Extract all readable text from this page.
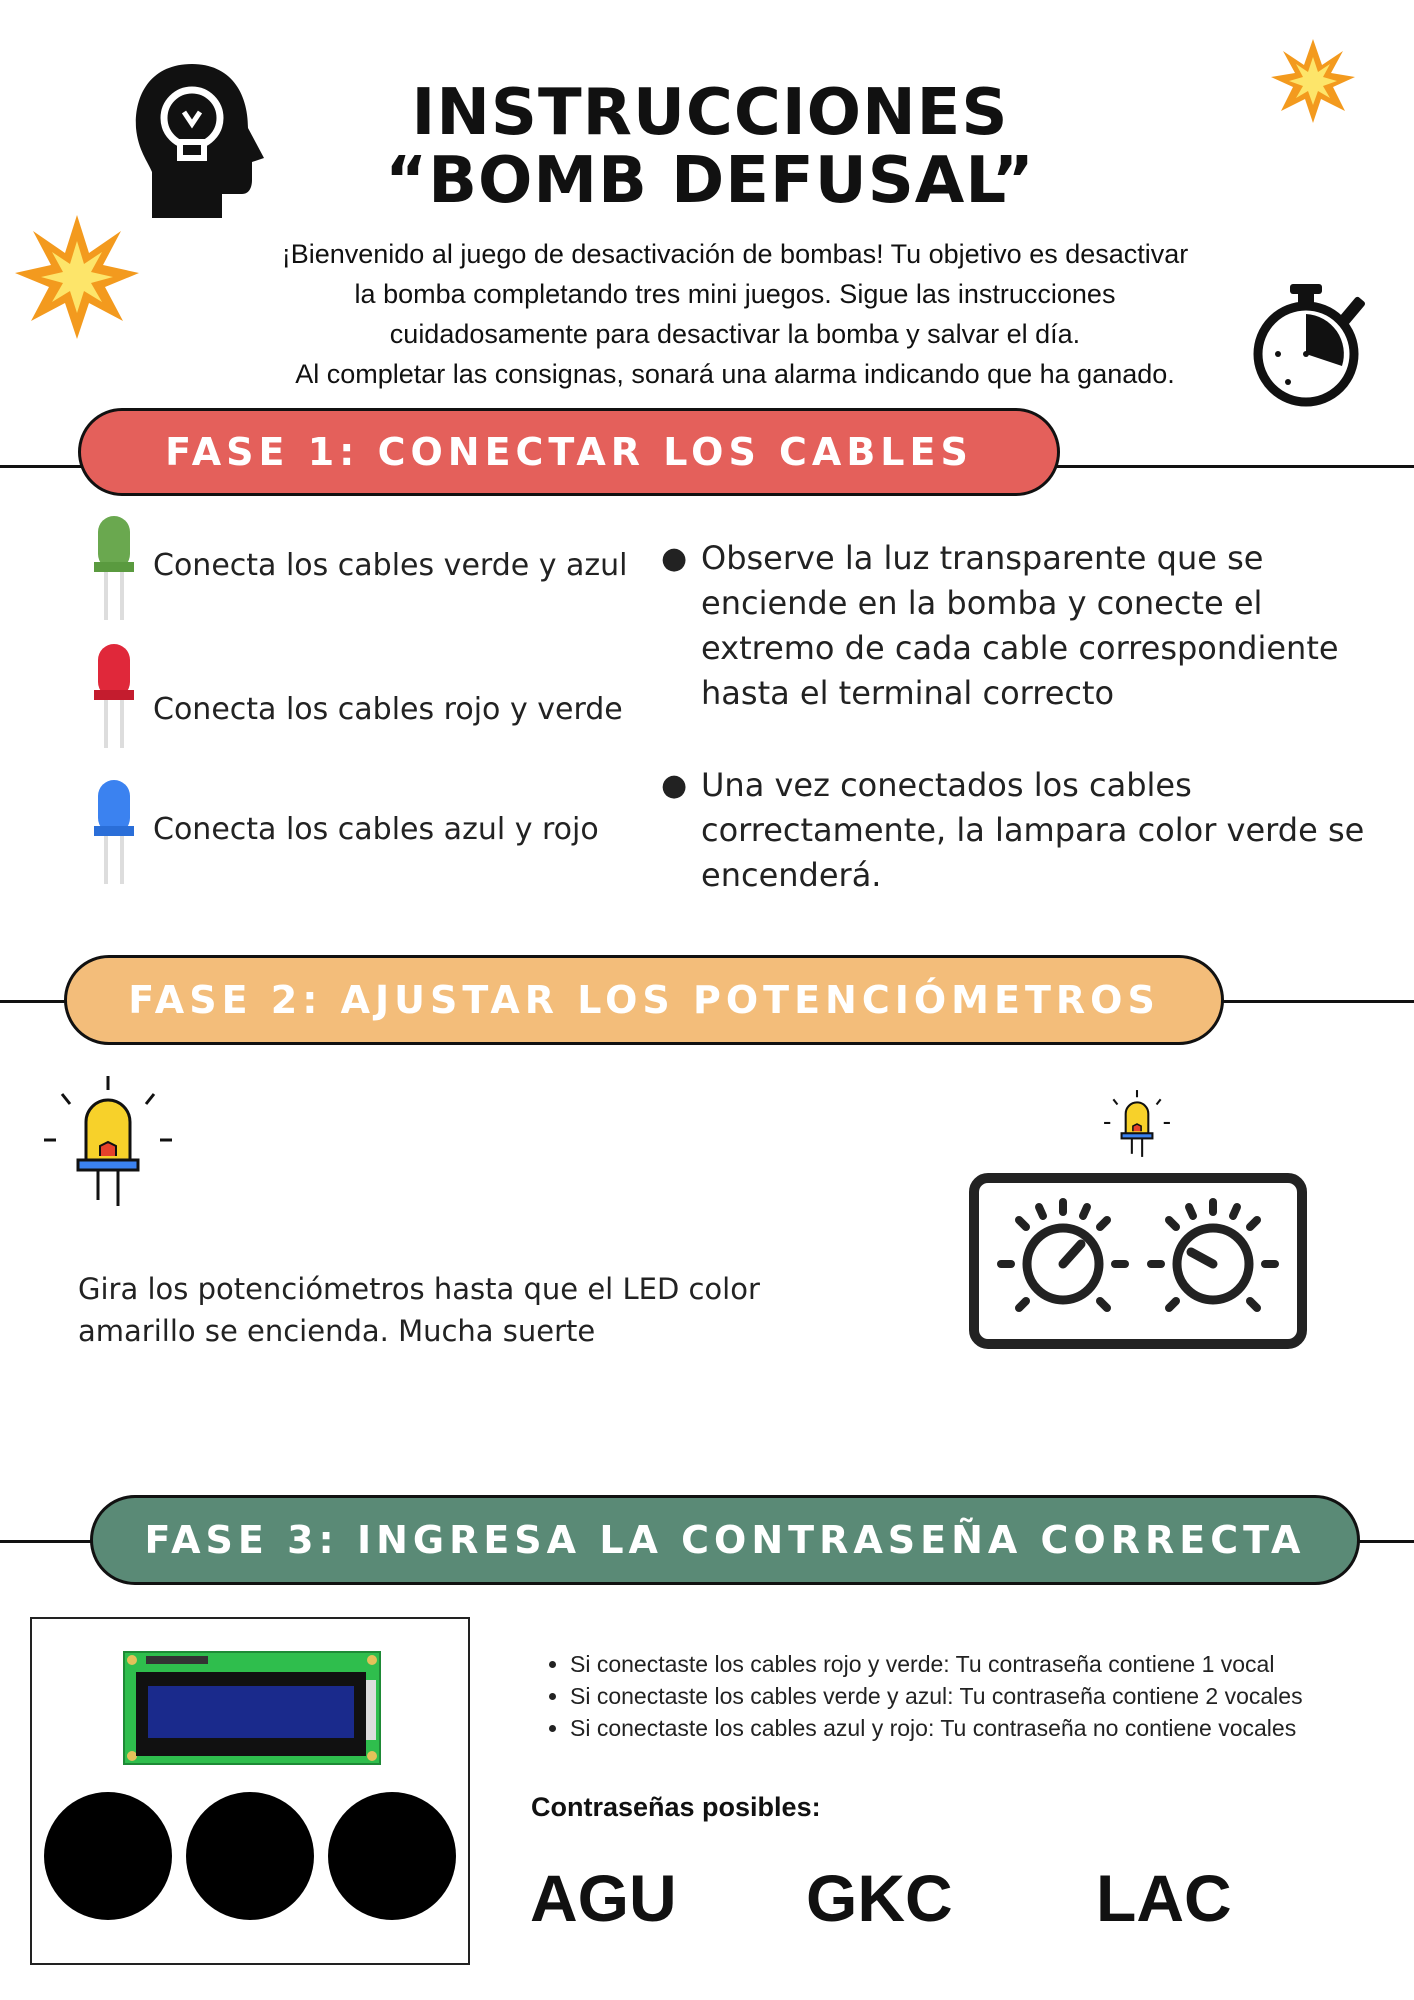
INSTRUCCIONES
“BOMB DEFUSAL”
¡Bienvenido al juego de desactivación de bombas! Tu objetivo es desactivar
la bomba completando tres mini juegos. Sigue las instrucciones
cuidadosamente para desactivar la bomba y salvar el día.
Al completar las consignas, sonará una alarma indicando que ha ganado.
FASE 1: CONECTAR LOS CABLES
Conecta los cables verde y azul
Conecta los cables rojo y verde
Conecta los cables azul y rojo
● Observe la luz transparente que se enciende en la bomba y conecte el extremo de cada cable correspondiente hasta el terminal correcto
● Una vez conectados los cables correctamente, la lampara color verde se encenderá.
FASE 2: AJUSTAR LOS POTENCIÓMETROS
Gira los potenciómetros hasta que el LED color amarillo se encienda. Mucha suerte
FASE 3: INGRESA LA CONTRASEÑA CORRECTA
• Si conectaste los cables rojo y verde: Tu contraseña contiene 1 vocal
• Si conectaste los cables verde y azul: Tu contraseña contiene 2 vocales
• Si conectaste los cables azul y rojo: Tu contraseña no contiene vocales
Contraseñas posibles:
AGU GKC LAC
